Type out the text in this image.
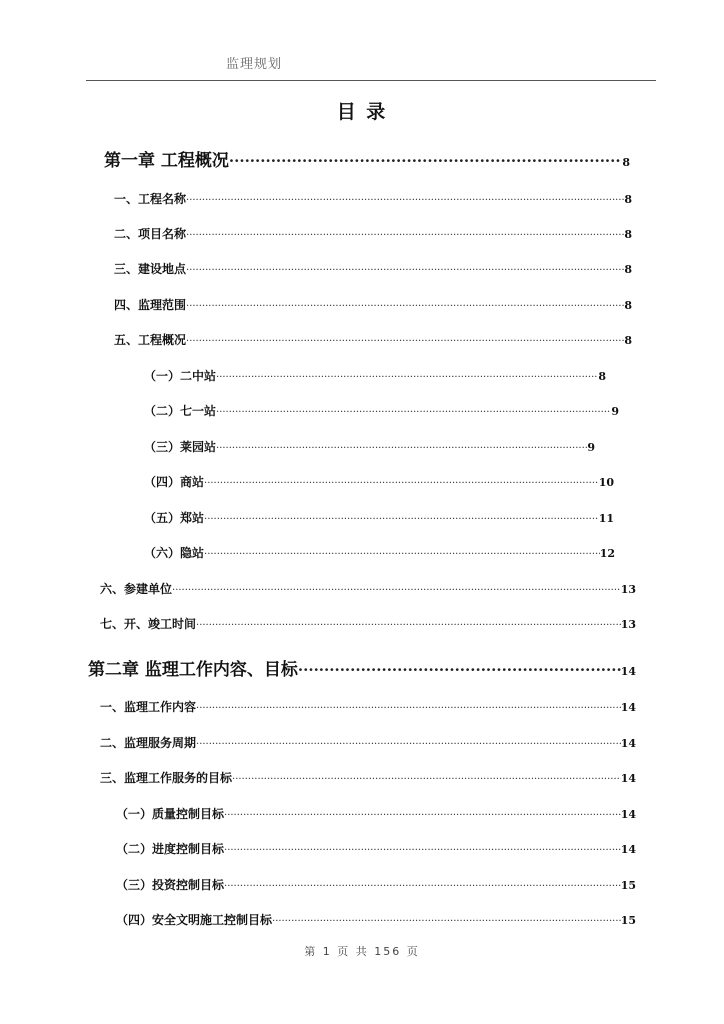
监理规划
目 录
第一章 工程概况 ·····	8
一、工程名称 ·····	8
二、项目名称 ·····	8
三、建设地点 ·····	8
四、监理范围 ·····	8
五、工程概况 ·····	8
（一）二中站 ·····	8
（二）七一站 ·····	9
（三）莱园站 ·····	9
（四）商站 ·····	10
（五）郑站 ·····	11
（六）隐站 ·····	12
六、参建单位 ·····	13
七、开、竣工时间 ·····	13
第二章 监理工作内容、目标 ·····	14
一、监理工作内容 ·····	14
二、监理服务周期 ·····	14
三、监理工作服务的目标 ·····	14
（一）质量控制目标 ·····	14
（二）进度控制目标 ·····	14
（三）投资控制目标 ·····	15
（四）安全文明施工控制目标 ·····	15
第 1 页 共 156 页
